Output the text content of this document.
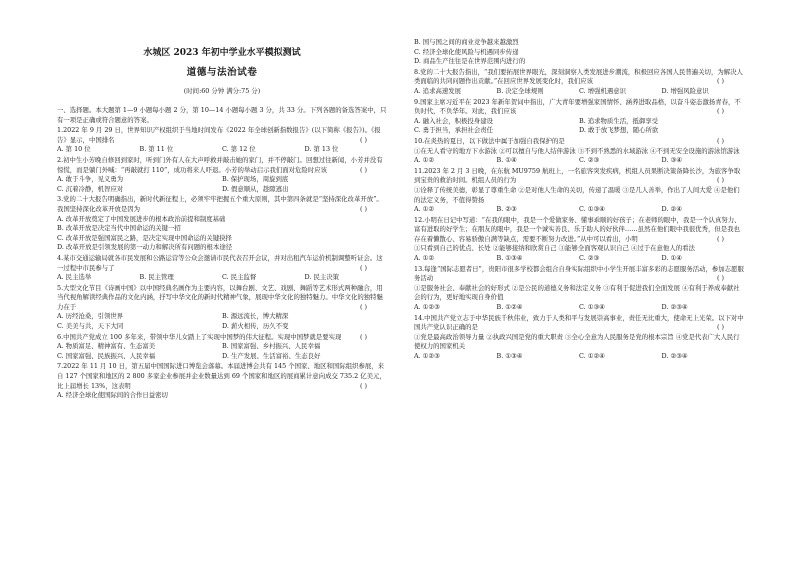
水城区 2023 年初中学业水平模拟测试
道德与法治试卷
(时间:60 分钟 满分:75 分)
一、选择题。本大题第 1—9 小题每小题 2 分，第 10—14 小题每小题 3 分，共 33 分。下列各题的备选答案中，只有一项是正确或符合题意的答案。
1.2022 年 9 月 29 日，世界知识产权组织于当地时间发布《2022 年全球创新指数报告》(以下简称《报告》)。《报告》显示，中国排名	( )
A. 第 10 位	B. 第 11 位	C. 第 12 位	D. 第 13 位
2.初中生小芳晚自修回到家时，听到门外有人在大声呼救并敲击她的家门，并不停敲门。回想过往新闻，小芳并没有惊慌，而是躺门外喊：“再敲就打 110”，成功将来人吓退。小芳的举动启示我们面对危险时应该	( )
A. 敢于斗争，见义勇为	B. 保护现场，周旋到底
C. 沉着冷静，机智应对	D. 假意顺从，趁隙逃出
3.党的二十大报告明确指出，新时代新征程上，必须牢牢把握五个重大原则，其中第四条就是“坚持深化改革开放”。我国坚持深化改革开放是因为	( )
A. 改革开放奠定了中国发展进步的根本政治前提和制度基础
B. 改革开放是决定当代中国命运的关键一招
C. 改革开放是强国富民之路，是决定实现中国命运的关键抉择
D. 改革开放是引领发展的第一动力和解决所有问题的根本途径
4.某市交通运输局就各市民发展和公路运营等公众会邀请市民代表召开会议，并对出租汽车运价机制调整听证会。这一过程中市民参与了	( )
A. 民主选举	B. 民主管理	C. 民主监督	D. 民主决策
5.大型文化节目《诗画中国》以中国经典名画作为主要内容，以舞台剧、文艺、戏剧、舞蹈等艺术形式两种融合，用当代视角解读经典作品的文化内涵，抒写中华文化的新时代精神气象，展现中华文化的独特魅力。中华文化的独特魅力在于	( )
A. 历经沧桑，引领世界	B. 源远流长，博大精深
C. 美美与共，天下大同	D. 薪火相传，历久不变
6.中国共产党成立 100 多年来，带领中华儿女踏上了实现中国梦的伟大征程。实现中国梦就是要实现	( )
A. 物质富足、精神富有、生态富美	B. 国家富强、乡村振兴、人民幸福
C. 国家富强、民族振兴、人民幸福	D. 生产发展、生活富裕、生态良好
7.2022 年 11 月 10 日，第五届中国国际进口博览会落幕。本届进博会共有 145 个国家、地区和国际组织参展，来自 127 个国家和地区的 2 800 多家企业参展并企业数量达到 69 个国家和地区的展商累计意向成交 735.2 亿美元，比上届增长 13%，这表明	( )
A. 经济全球化使国际间的合作日益密切
B. 国与国之间的商业竞争越来越激烈
C. 经济全球化使风险与机遇同步传递
D. 商品生产往往是在世界范围内进行的
8.党的二十大报告指出，“我们要拓展世界眼光，深刻洞察人类发展进步潮流，积极回应各国人民普遍关切，为解决人类面临的共同问题作出贡献。”在回应世界发展变化时，我们应该	( )
A. 追求高速发展	B. 决定全球规则	C. 增强机遇意识	D. 增强风险意识
9.国家主席习近平在 2023 年新年贺词中指出，广大青年要增强家国情怀、涵养进取品格，以奋斗姿态激扬青春，不负时代，不负华年。对此，我们应该	( )
A. 融入社会，积极投身建设	B. 追求物质生活，抵御享受
C. 勇于担当，承担社会责任	D. 敢于放飞梦想，随心所欲
10.在炎热的夏日，以下做法中属于加强自我保护的是	( )
①在无人看守的地方下水游泳 ②可以擅自与他人结伴游泳 ③不到不熟悉的水域游泳 ④不到无安全设施的游泳馆游泳
A. ①②	B. ①④	C. ②③	D. ③④
11.2023 年 2 月 3 日晚，在东航 MU9759 航班上，一名旅客突发疾病，机组人员果断决策备降长沙，为旅客争取到宝贵的救治时间。机组人员的行为	( )
①诠释了传统美德，彰显了尊重生命 ②是对他人生命的关切，传递了温暖 ③是几人善举，作出了人间大爱 ④是他们的法定义务，不值得赞扬
A. ①②	B. ②③	C. ①③④	D. ②④
12.小明在日记中写道：“在我的眼中，我是一个爱做家务、懂事乖顺的好孩子；在老师的眼中，我是一个认真努力、富有进取的好学生；在朋友的眼中，我是一个诚实善良、乐于助人的好伙伴……虽然在他们眼中我很优秀，但是我也存在着懒散心、容易骄傲自满等缺点，需要不断努力改进。”从中可以看出，小明	( )
①只看到自己的优点、长处 ②能够接纳和欣赏自己 ③能够全面客观认识自己 ④过于在意他人的看法
A. ①②	B. ①③④	C. ②③	D. ①④
13.每逢“国际志愿者日”，贵阳市很多学校都会组合自身实际组织中小学生开展丰富多彩的志愿服务活动，参加志愿服务活动	( )
①是服务社会、奉献社会的好形式 ②是公民的道德义务和法定义务 ③有利于促进我们全面发展 ④有利于养成奉献社会的行为，更好地实现自身价值
A. ①②③	B. ①②④	C. ①③④	D. ②③④
14.中国共产党立志于中华民族千秋伟业，致力于人类和平与发展崇高事业，责任无比重大，使命无上光荣。以下对中国共产党认识正确的是	( )
①党是最高政治领导力量 ②执政兴国是党的重大职责 ③全心全意为人民服务是党的根本宗旨 ④党是代表广大人民行使权力的国家机关
A. ①②③	B. ①③④	C. ①②④	D. ②③④
